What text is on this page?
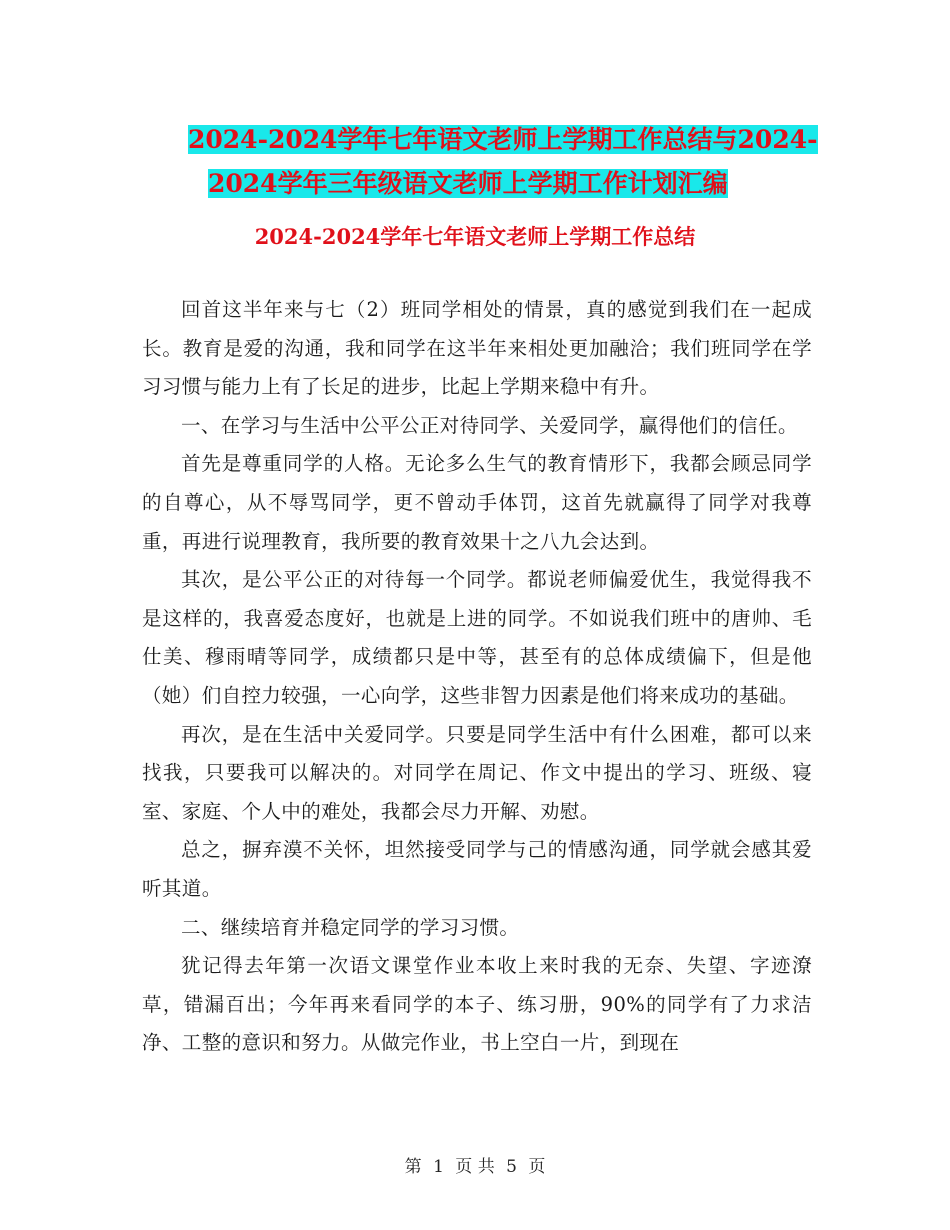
2024-2024学年七年语文老师上学期工作总结与2024-
2024学年三年级语文老师上学期工作计划汇编
2024-2024学年七年语文老师上学期工作总结

回首这半年来与七（2）班同学相处的情景，真的感觉到我们在一起成长。教育是爱的沟通，我和同学在这半年来相处更加融洽；我们班同学在学习习惯与能力上有了长足的进步，比起上学期来稳中有升。

一、在学习与生活中公平公正对待同学、关爱同学，赢得他们的信任。

首先是尊重同学的人格。无论多么生气的教育情形下，我都会顾忌同学的自尊心，从不辱骂同学，更不曾动手体罚，这首先就赢得了同学对我尊重，再进行说理教育，我所要的教育效果十之八九会达到。

其次，是公平公正的对待每一个同学。都说老师偏爱优生，我觉得我不是这样的，我喜爱态度好，也就是上进的同学。不如说我们班中的唐帅、毛仕美、穆雨晴等同学，成绩都只是中等，甚至有的总体成绩偏下，但是他（她）们自控力较强，一心向学，这些非智力因素是他们将来成功的基础。

再次，是在生活中关爱同学。只要是同学生活中有什么困难，都可以来找我，只要我可以解决的。对同学在周记、作文中提出的学习、班级、寝室、家庭、个人中的难处，我都会尽力开解、劝慰。

总之，摒弃漠不关怀，坦然接受同学与己的情感沟通，同学就会感其爱听其道。

二、继续培育并稳定同学的学习习惯。

犹记得去年第一次语文课堂作业本收上来时我的无奈、失望、字迹潦草，错漏百出；今年再来看同学的本子、练习册，90%的同学有了力求洁净、工整的意识和努力。从做完作业，书上空白一片，到现在

第 1 页 共 5 页
